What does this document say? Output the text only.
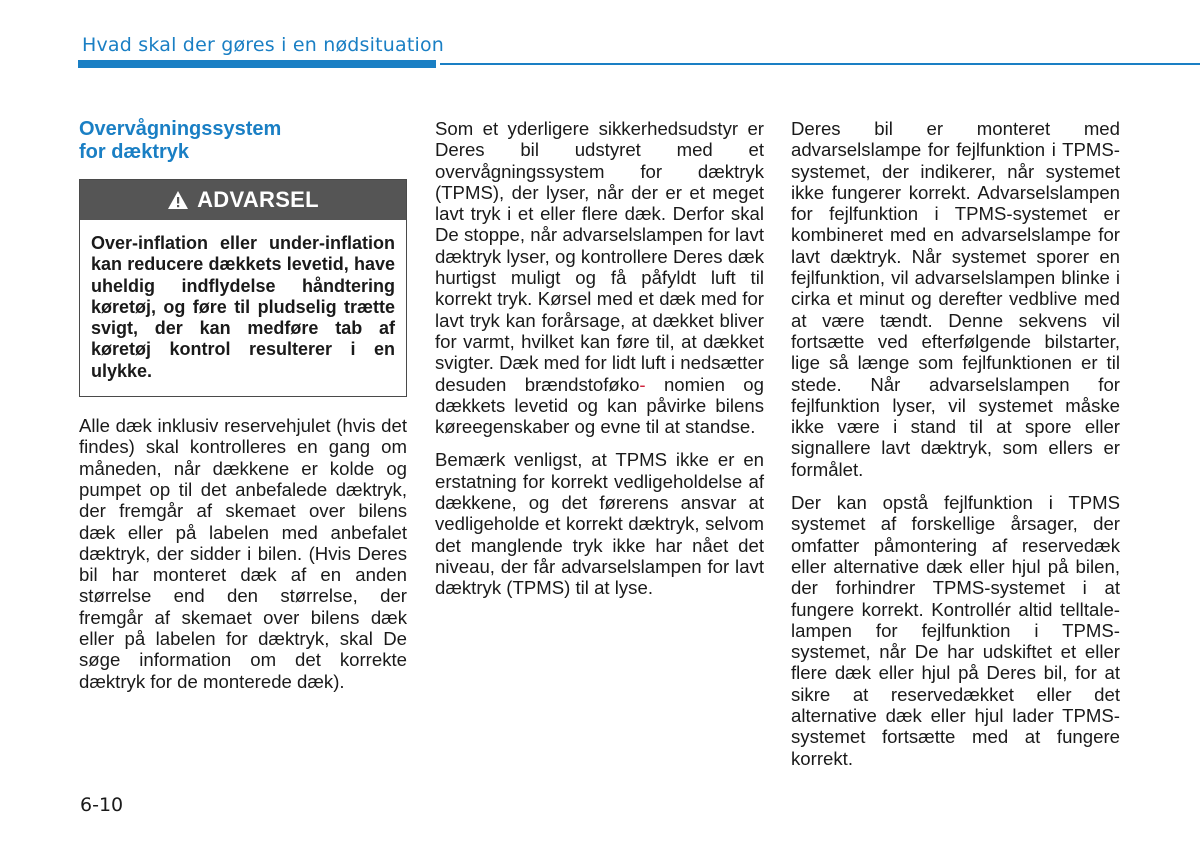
Hvad skal der gøres i en nødsituation
Overvågningssystem
for dæktryk
ADVARSEL
Over-inflation eller under-inflation kan reducere dækkets levetid, have uheldig indflydelse håndtering køretøj, og føre til pludselig trætte svigt, der kan medføre tab af køretøj kontrol resulterer i en ulykke.

Alle dæk inklusiv reservehjulet (hvis det findes) skal kontrolleres en gang om måneden, når dækkene er kolde og pumpet op til det anbefalede dæktryk, der fremgår af skemaet over bilens dæk eller på labelen med anbefalet dæktryk, der sidder i bilen. (Hvis Deres bil har monteret dæk af en anden størrelse end den størrelse, der fremgår af skemaet over bilens dæk eller på labelen for dæktryk, skal De søge information om det korrekte dæktryk for de monterede dæk).

Som et yderligere sikkerhedsudstyr er Deres bil udstyret med et overvågningssystem for dæktryk (TPMS), der lyser, når der er et meget lavt tryk i et eller flere dæk. Derfor skal De stoppe, når advarselslampen for lavt dæktryk lyser, og kontrollere Deres dæk hurtigst muligt og få påfyldt luft til korrekt tryk. Kørsel med et dæk med for lavt tryk kan forårsage, at dækket bliver for varmt, hvilket kan føre til, at dækket svigter. Dæk med for lidt luft i nedsætter desuden brændstoføko- nomien og dækkets levetid og kan påvirke bilens køreegenskaber og evne til at standse.

Bemærk venligst, at TPMS ikke er en erstatning for korrekt vedligeholdelse af dækkene, og det førerens ansvar at vedligeholde et korrekt dæktryk, selvom det manglende tryk ikke har nået det niveau, der får advarselslampen for lavt dæktryk (TPMS) til at lyse.

Deres bil er monteret med advarselslampe for fejlfunktion i TPMS-systemet, der indikerer, når systemet ikke fungerer korrekt. Advarselslampen for fejlfunktion i TPMS-systemet er kombineret med en advarselslampe for lavt dæktryk. Når systemet sporer en fejlfunktion, vil advarselslampen blinke i cirka et minut og derefter vedblive med at være tændt. Denne sekvens vil fortsætte ved efterfølgende bilstarter, lige så længe som fejlfunktionen er til stede. Når advarselslampen for fejlfunktion lyser, vil systemet måske ikke være i stand til at spore eller signallere lavt dæktryk, som ellers er formålet.

Der kan opstå fejlfunktion i TPMS systemet af forskellige årsager, der omfatter påmontering af reservedæk eller alternative dæk eller hjul på bilen, der forhindrer TPMS-systemet i at fungere korrekt. Kontrollér altid telltale-lampen for fejlfunktion i TPMS-systemet, når De har udskiftet et eller flere dæk eller hjul på Deres bil, for at sikre at reservedækket eller det alternative dæk eller hjul lader TPMS-systemet fortsætte med at fungere korrekt.

6-10
